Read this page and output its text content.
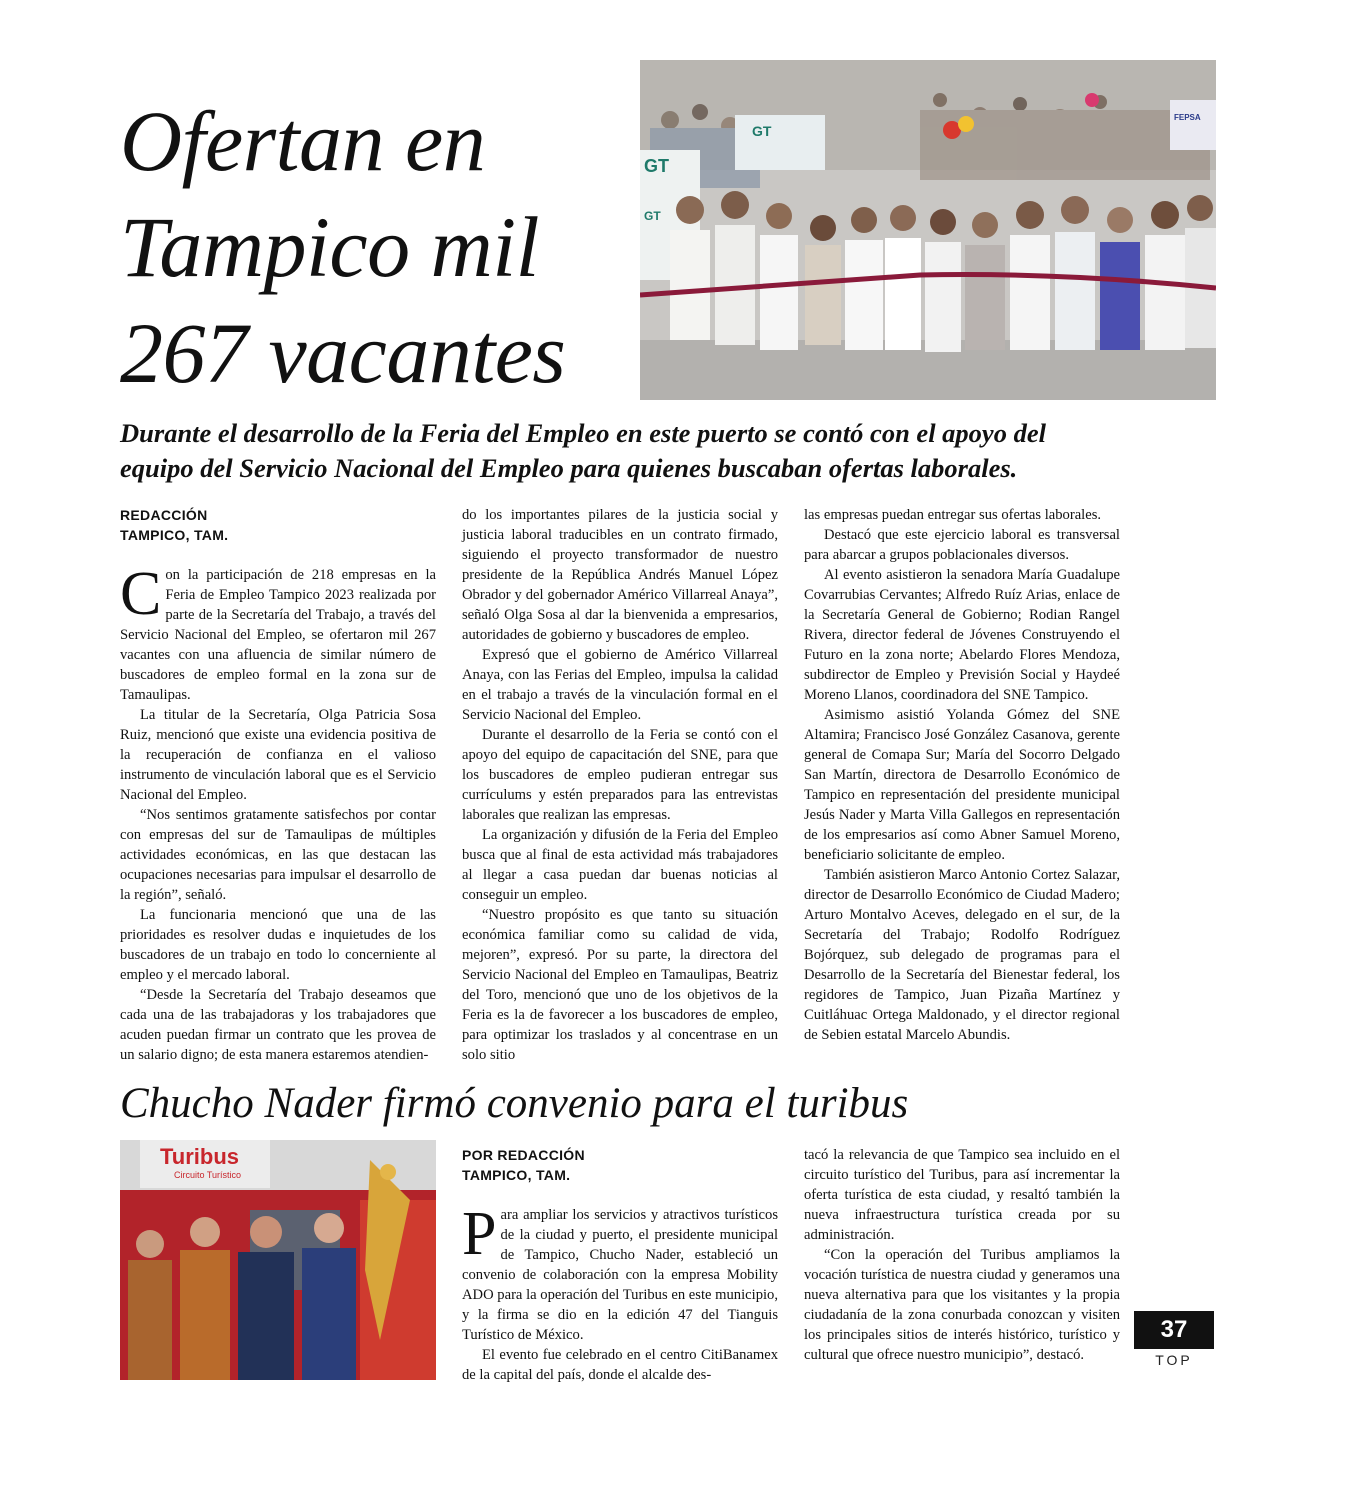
Ofertan en Tampico mil 267 vacantes
GT
GT
GT
FEPSA

Durante el desarrollo de la Feria del Empleo en este puerto se contó con el apoyo del equipo del Servicio Nacional del Empleo para quienes buscaban ofertas laborales.

REDACCIÓN
TAMPICO, TAM.

Con la participación de 218 empresas en la Feria de Empleo Tampico 2023 realizada por parte de la Secretaría del Trabajo, a través del Servicio Nacional del Empleo, se ofertaron mil 267 vacantes con una afluencia de similar número de buscadores de empleo formal en la zona sur de Tamaulipas.

La titular de la Secretaría, Olga Patricia Sosa Ruiz, mencionó que existe una evidencia positiva de la recuperación de confianza en el valioso instrumento de vinculación laboral que es el Servicio Nacional del Empleo.

“Nos sentimos gratamente satisfechos por contar con empresas del sur de Tamaulipas de múltiples actividades económicas, en las que destacan las ocupaciones necesarias para impulsar el desarrollo de la región”, señaló.

La funcionaria mencionó que una de las prioridades es resolver dudas e inquietudes de los buscadores de un trabajo en todo lo concerniente al empleo y el mercado laboral.

“Desde la Secretaría del Trabajo deseamos que cada una de las trabajadoras y los trabajadores que acuden puedan firmar un contrato que les provea de un salario digno; de esta manera estaremos atendien-

do los importantes pilares de la justicia social y justicia laboral traducibles en un contrato firmado, siguiendo el proyecto transformador de nuestro presidente de la República Andrés Manuel López Obrador y del gobernador Américo Villarreal Anaya”, señaló Olga Sosa al dar la bienvenida a empresarios, autoridades de gobierno y buscadores de empleo.

Expresó que el gobierno de Américo Villarreal Anaya, con las Ferias del Empleo, impulsa la calidad en el trabajo a través de la vinculación formal en el Servicio Nacional del Empleo.

Durante el desarrollo de la Feria se contó con el apoyo del equipo de capacitación del SNE, para que los buscadores de empleo pudieran entregar sus currículums y estén preparados para las entrevistas laborales que realizan las empresas.

La organización y difusión de la Feria del Empleo busca que al final de esta actividad más trabajadores al llegar a casa puedan dar buenas noticias al conseguir un empleo.

“Nuestro propósito es que tanto su situación económica familiar como su calidad de vida, mejoren”, expresó. Por su parte, la directora del Servicio Nacional del Empleo en Tamaulipas, Beatriz del Toro, mencionó que uno de los objetivos de la Feria es la de favorecer a los buscadores de empleo, para optimizar los traslados y al concentrase en un solo sitio

las empresas puedan entregar sus ofertas laborales.

Destacó que este ejercicio laboral es transversal para abarcar a grupos poblacionales diversos.

Al evento asistieron la senadora María Guadalupe Covarrubias Cervantes; Alfredo Ruíz Arias, enlace de la Secretaría General de Gobierno; Rodian Rangel Rivera, director federal de Jóvenes Construyendo el Futuro en la zona norte; Abelardo Flores Mendoza, subdirector de Empleo y Previsión Social y Haydeé Moreno Llanos, coordinadora del SNE Tampico.

Asimismo asistió Yolanda Gómez del SNE Altamira; Francisco José González Casanova, gerente general de Comapa Sur; María del Socorro Delgado San Martín, directora de Desarrollo Económico de Tampico en representación del presidente municipal Jesús Nader y Marta Villa Gallegos en representación de los empresarios así como Abner Samuel Moreno, beneficiario solicitante de empleo.

También asistieron Marco Antonio Cortez Salazar, director de Desarrollo Económico de Ciudad Madero; Arturo Montalvo Aceves, delegado en el sur, de la Secretaría del Trabajo; Rodolfo Rodríguez Bojórquez, sub delegado de programas para el Desarrollo de la Secretaría del Bienestar federal, los regidores de Tampico, Juan Pizaña Martínez y Cuitláhuac Ortega Maldonado, y el director regional de Sebien estatal Marcelo Abundis.

Chucho Nader firmó convenio para el turibus
Turibus
Circuito Turístico
POR REDACCIÓN
TAMPICO, TAM.

Para ampliar los servicios y atractivos turísticos de la ciudad y puerto, el presidente municipal de Tampico, Chucho Nader, estableció un convenio de colaboración con la empresa Mobility ADO para la operación del Turibus en este municipio, y la firma se dio en la edición 47 del Tianguis Turístico de México.

El evento fue celebrado en el centro CitiBanamex de la capital del país, donde el alcalde des-

tacó la relevancia de que Tampico sea incluido en el circuito turístico del Turibus, para así incrementar la oferta turística de esta ciudad, y resaltó también la nueva infraestructura turística creada por su administración.

“Con la operación del Turibus ampliamos la vocación turística de nuestra ciudad y generamos una nueva alternativa para que los visitantes y la propia ciudadanía de la zona conurbada conozcan y visiten los principales sitios de interés histórico, turístico y cultural que ofrece nuestro municipio”, destacó.

37
TOP
